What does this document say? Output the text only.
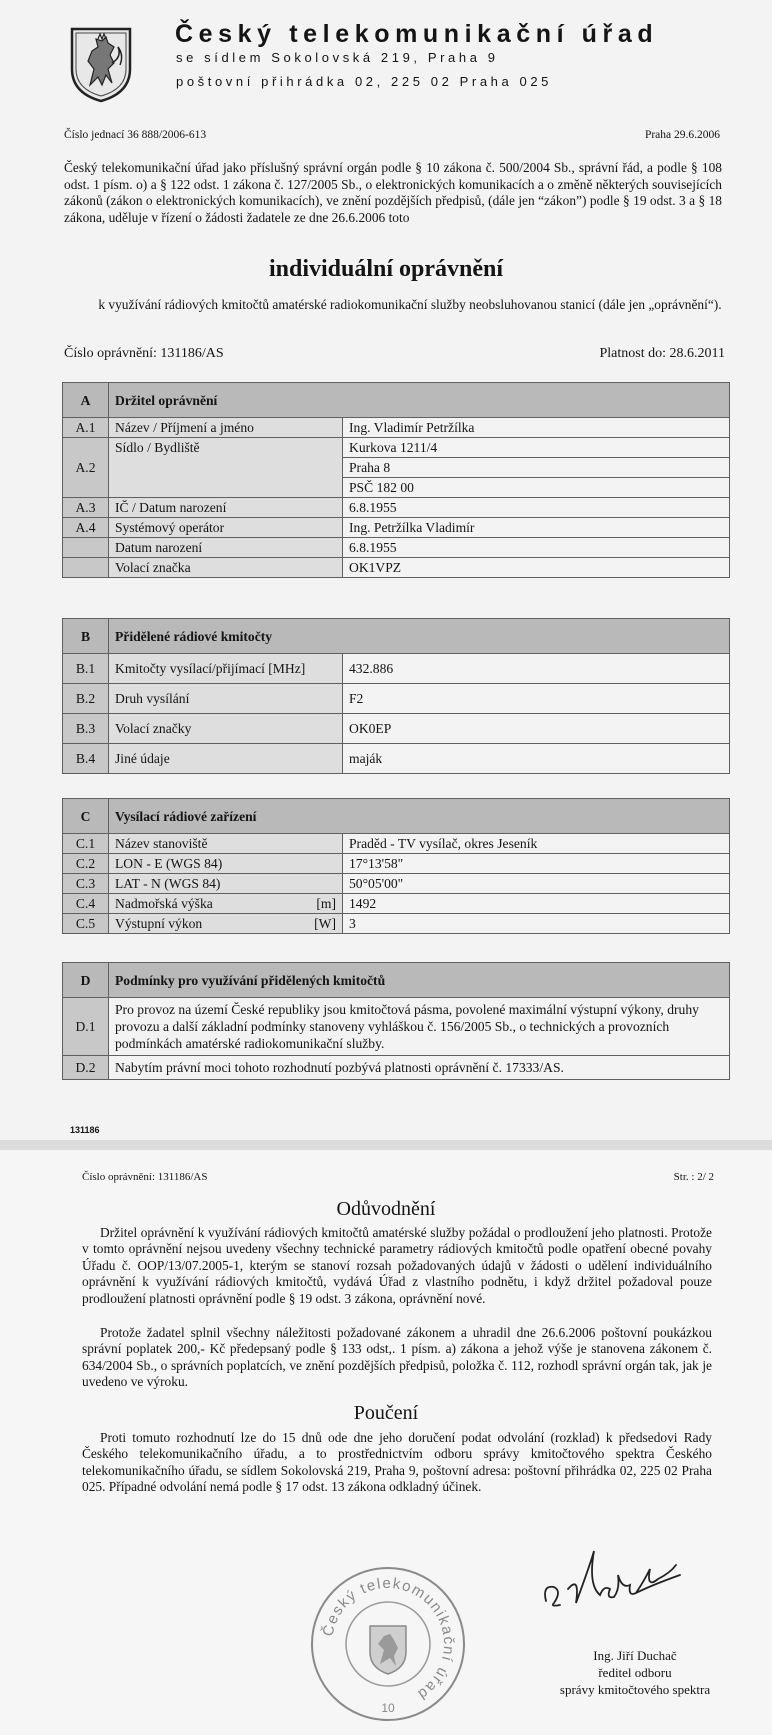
Český telekomunikační úřad
se sídlem Sokolovská 219, Praha 9
poštovní přihrádka 02, 225 02 Praha 025
Číslo jednací 36 888/2006-613	Praha 29.6.2006
Český telekomunikační úřad jako příslušný správní orgán podle § 10 zákona č. 500/2004 Sb., správní řád, a podle § 108 odst. 1 písm. o) a § 122 odst. 1 zákona č. 127/2005 Sb., o elektronických komunikacích a o změně některých souvisejících zákonů (zákon o elektronických komunikacích), ve znění pozdějších předpisů, (dále jen “zákon”) podle § 19 odst. 3 a § 18 zákona, uděluje v řízení o žádosti žadatele ze dne 26.6.2006 toto
individuální oprávnění
k využívání rádiových kmitočtů amatérské radiokomunikační služby neobsluhovanou stanicí (dále jen „oprávnění“).
Číslo oprávnění: 131186/AS	Platnost do: 28.6.2011
A	Držitel oprávnění	
A.1	Název / Příjmení a jméno	Ing. Vladimír Petržílka
A.2	Sídlo / Bydliště	Kurkova 1211/4
		Praha 8
		PSČ 182 00
A.3	IČ / Datum narození	6.8.1955
A.4	Systémový operátor	Ing. Petržílka Vladimír
	Datum narození	6.8.1955
	Volací značka	OK1VPZ
B	Přidělené rádiové kmitočty	
B.1	Kmitočty vysílací/přijímací [MHz]	432.886
B.2	Druh vysílání	F2
B.3	Volací značky	OK0EP
B.4	Jiné údaje	maják
C	Vysílací rádiové zařízení		
C.1	Název stanoviště		Praděd - TV vysílač, okres Jeseník
C.2	LON - E (WGS 84)		17°13'58"
C.3	LAT - N (WGS 84)		50°05'00"
C.4	Nadmořská výška	[m]	1492
C.5	Výstupní výkon	[W]	3
D	Podmínky pro využívání přidělených kmitočtů
D.1	Pro provoz na území České republiky jsou kmitočtová pásma, povolené maximální výstupní výkony, druhy provozu a další základní podmínky stanoveny vyhláškou č. 156/2005 Sb., o technických a provozních podmínkách amatérské radiokomunikační služby.
D.2	Nabytím právní moci tohoto rozhodnutí pozbývá platnosti oprávnění č. 17333/AS.
131186
Číslo oprávnění: 131186/AS	Str. : 2/ 2
Odůvodnění
Držitel oprávnění k využívání rádiových kmitočtů amatérské služby požádal o prodloužení jeho platnosti. Protože v tomto oprávnění nejsou uvedeny všechny technické parametry rádiových kmitočtů podle opatření obecné povahy Úřadu č. OOP/13/07.2005-1, kterým se stanoví rozsah požadovaných údajů v žádosti o udělení individuálního oprávnění k využívání rádiových kmitočtů, vydává Úřad z vlastního podnětu, i když držitel požadoval pouze prodloužení platnosti oprávnění podle § 19 odst. 3 zákona, oprávnění nové.
Protože žadatel splnil všechny náležitosti požadované zákonem a uhradil dne 26.6.2006 poštovní poukázkou správní poplatek 200,- Kč předepsaný podle § 133 odst,. 1 písm. a) zákona a jehož výše je stanovena zákonem č. 634/2004 Sb., o správních poplatcích, ve znění pozdějších předpisů, položka č. 112, rozhodl správní orgán tak, jak je uvedeno ve výroku.
Poučení
Proti tomuto rozhodnutí lze do 15 dnů ode dne jeho doručení podat odvolání (rozklad) k předsedovi Rady Českého telekomunikačního úřadu, a to prostřednictvím odboru správy kmitočtového spektra Českého telekomunikačního úřadu, se sídlem Sokolovská 219, Praha 9, poštovní adresa: poštovní přihrádka 02, 225 02 Praha 025. Případné odvolání nemá podle § 17 odst. 13 zákona odkladný účinek.
Český telekomunikační úřad
10
Ing. Jiří Duchač
ředitel odboru
správy kmitočtového spektra
